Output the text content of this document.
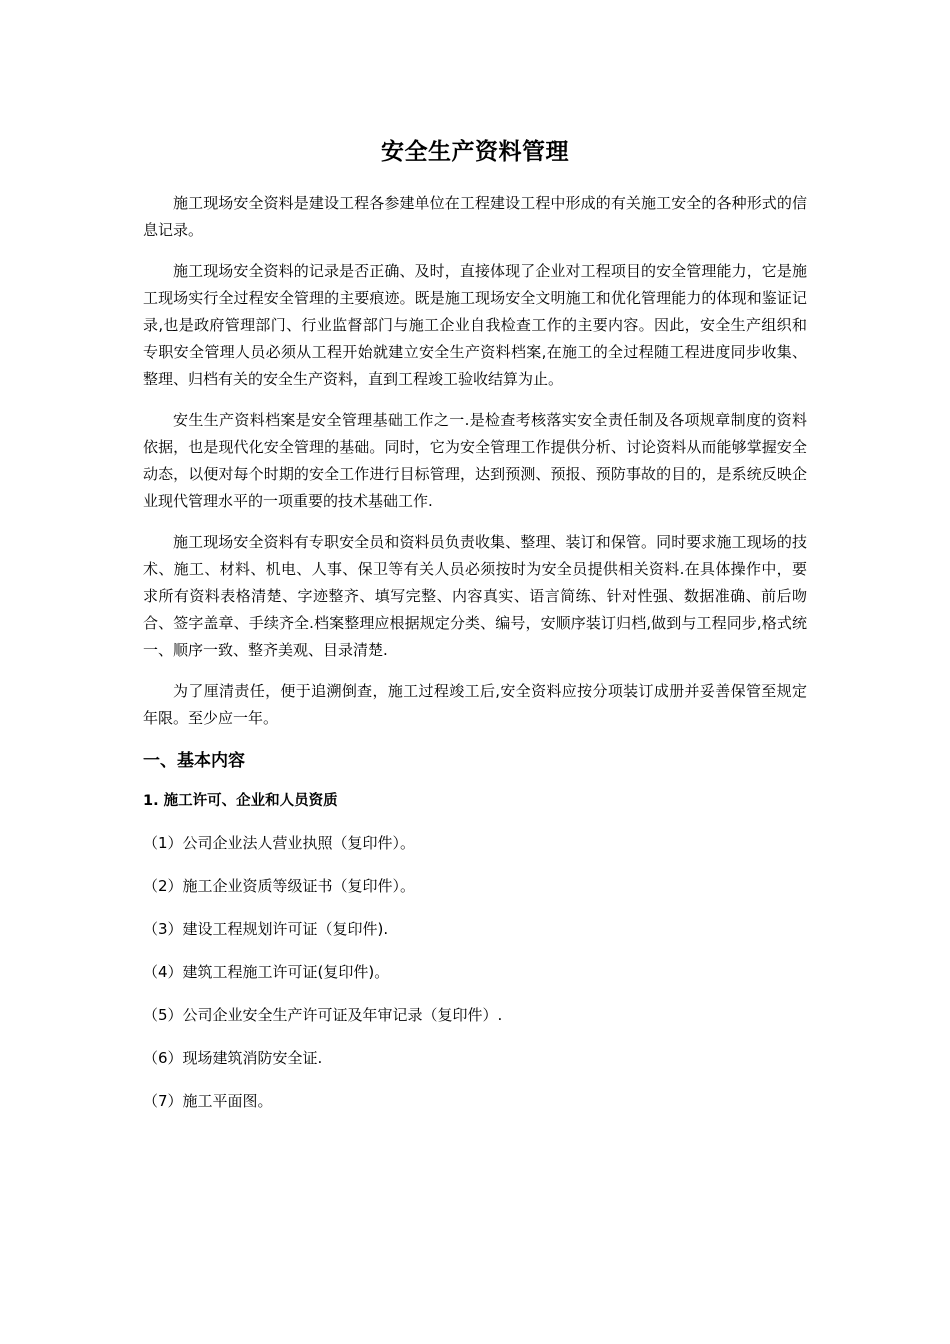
安全生产资料管理

施工现场安全资料是建设工程各参建单位在工程建设工程中形成的有关施工安全的各种形式的信息记录。

施工现场安全资料的记录是否正确、及时，直接体现了企业对工程项目的安全管理能力，它是施工现场实行全过程安全管理的主要痕迹。既是施工现场安全文明施工和优化管理能力的体现和鉴证记录,也是政府管理部门、行业监督部门与施工企业自我检查工作的主要内容。因此，安全生产组织和专职安全管理人员必须从工程开始就建立安全生产资料档案,在施工的全过程随工程进度同步收集、整理、归档有关的安全生产资料，直到工程竣工验收结算为止。

安生生产资料档案是安全管理基础工作之一.是检查考核落实安全责任制及各项规章制度的资料依据，也是现代化安全管理的基础。同时，它为安全管理工作提供分析、讨论资料从而能够掌握安全动态，以便对每个时期的安全工作进行目标管理，达到预测、预报、预防事故的目的，是系统反映企业现代管理水平的一项重要的技术基础工作.

施工现场安全资料有专职安全员和资料员负责收集、整理、装订和保管。同时要求施工现场的技术、施工、材料、机电、人事、保卫等有关人员必须按时为安全员提供相关资料.在具体操作中，要求所有资料表格清楚、字迹整齐、填写完整、内容真实、语言简练、针对性强、数据准确、前后吻合、签字盖章、手续齐全.档案整理应根据规定分类、编号，安顺序装订归档,做到与工程同步,格式统一、顺序一致、整齐美观、目录清楚.

为了厘清责任，便于追溯倒查，施工过程竣工后,安全资料应按分项装订成册并妥善保管至规定年限。至少应一年。

一、基本内容
1. 施工许可、企业和人员资质
（1）公司企业法人营业执照（复印件）。
（2）施工企业资质等级证书（复印件）。
（3）建设工程规划许可证（复印件).
（4）建筑工程施工许可证(复印件)。
（5）公司企业安全生产许可证及年审记录（复印件）.
（6）现场建筑消防安全证.
（7）施工平面图。
